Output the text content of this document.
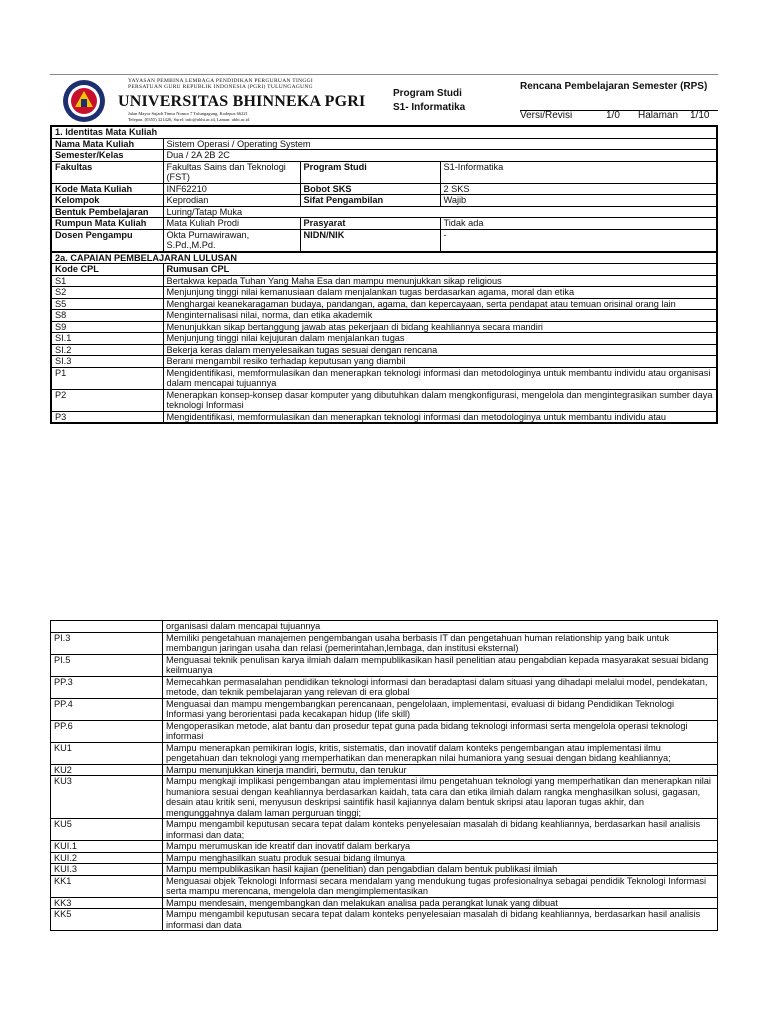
YAYASAN PEMBINA LEMBAGA PENDIDIKAN PERGURUAN TINGGI
PERSATUAN GURU REPUBLIK INDONESIA (PGRI) TULUNGAGUNG
UNIVERSITAS BHINNEKA PGRI
Jalan Mayor Sujadi Timur Nomor 7 Tulungagung, Kodepos 66221
Telepon. (0355) 321426, Surel: info@ubhi.ac.id, Laman: ubhi.ac.id
Program Studi
S1- Informatika
Rencana Pembelajaran Semester (RPS)
Versi/Revisi	1/0 Halaman 1/10
1. Identitas Mata Kuliah			
Nama Mata Kuliah	Sistem Operasi / Operating System		
Semester/Kelas	Dua / 2A 2B 2C		
Fakultas	Fakultas Sains dan Teknologi (FST)	Program Studi	S1-Informatika
Kode Mata Kuliah	INF62210	Bobot SKS	2 SKS
Kelompok	Keprodian	Sifat Pengambilan	Wajib
Bentuk Pembelajaran	Luring/Tatap Muka		
Rumpun Mata Kuliah	Mata Kuliah Prodi	Prasyarat	Tidak ada
Dosen Pengampu	Okta Purnawirawan, S.Pd.,M.Pd.	NIDN/NIK	-
2a. CAPAIAN PEMBELAJARAN LULUSAN			
Kode CPL	Rumusan CPL		
S1	Bertakwa kepada Tuhan Yang Maha Esa dan mampu menunjukkan sikap religious		
S2	Menjunjung tinggi nilai kemanusiaan dalam menjalankan tugas berdasarkan agama, moral dan etika		
S5	Menghargai keanekaragaman budaya, pandangan, agama, dan kepercayaan, serta pendapat atau temuan orisinal orang lain		
S8	Menginternalisasi nilai, norma, dan etika akademik		
S9	Menunjukkan sikap bertanggung jawab atas pekerjaan di bidang keahliannya secara mandiri		
SI.1	Menjunjung tinggi nilai kejujuran dalam menjalankan tugas		
SI.2	Bekerja keras dalam menyelesaikan tugas sesuai dengan rencana		
SI.3	Berani mengambil resiko terhadap keputusan yang diambil		
P1	Mengidentifikasi, memformulasikan dan menerapkan teknologi informasi dan metodologinya untuk membantu individu atau organisasi dalam mencapai tujuannya		
P2	Menerapkan konsep-konsep dasar komputer yang dibutuhkan dalam mengkonfigurasi, mengelola dan mengintegrasikan sumber daya teknologi Informasi		
P3	Mengidentifikasi, memformulasikan dan menerapkan teknologi informasi dan metodologinya untuk membantu individu atau		
	organisasi dalam mencapai tujuannya
PI.3	Memiliki pengetahuan manajemen pengembangan usaha berbasis IT dan pengetahuan human relationship yang baik untuk membangun jaringan usaha dan relasi (pemerintahan,lembaga, dan institusi eksternal)
PI.5	Menguasai teknik penulisan karya ilmiah dalam mempublikasikan hasil penelitian atau pengabdian kepada masyarakat sesuai bidang keilmuanya
PP.3	Memecahkan permasalahan pendidikan teknologi informasi dan beradaptasi dalam situasi yang dihadapi melalui model, pendekatan, metode, dan teknik pembelajaran yang relevan di era global
PP.4	Menguasai dan mampu mengembangkan perencanaan, pengelolaan, implementasi, evaluasi di bidang Pendidikan Teknologi Informasi yang berorientasi pada kecakapan hidup (life skill)
PP.6	Mengoperasikan metode, alat bantu dan prosedur tepat guna pada bidang teknologi informasi serta mengelola operasi teknologi informasi
KU1	Mampu menerapkan pemikiran logis, kritis, sistematis, dan inovatif dalam konteks pengembangan atau implementasi ilmu pengetahuan dan teknologi yang memperhatikan dan menerapkan nilai humaniora yang sesuai dengan bidang keahliannya;
KU2	Mampu menunjukkan kinerja mandiri, bermutu, dan terukur
KU3	Mampu mengkaji implikasi pengembangan atau implementasi ilmu pengetahuan teknologi yang memperhatikan dan menerapkan nilai humaniora sesuai dengan keahliannya berdasarkan kaidah, tata cara dan etika ilmiah dalam rangka menghasilkan solusi, gagasan, desain atau kritik seni, menyusun deskripsi saintifik hasil kajiannya dalam bentuk skripsi atau laporan tugas akhir, dan mengunggahnya dalam laman perguruan tinggi;
KU5	Mampu mengambil keputusan secara tepat dalam konteks penyelesaian masalah di bidang keahliannya, berdasarkan hasil analisis informasi dan data;
KUI.1	Mampu merumuskan ide kreatif dan inovatif dalam berkarya
KUI.2	Mampu menghasilkan suatu produk sesuai bidang ilmunya
KUI.3	Mampu mempublikasikan hasil kajian (penelitian) dan pengabdian dalam bentuk publikasi ilmiah
KK1	Menguasai objek Teknologi Informasi secara mendalam yang mendukung tugas profesionalnya sebagai pendidik Teknologi Informasi serta mampu merencana, mengelola dan mengimplementasikan
KK3	Mampu mendesain, mengembangkan dan melakukan analisa pada perangkat lunak yang dibuat
KK5	Mampu mengambil keputusan secara tepat dalam konteks penyelesaian masalah di bidang keahliannya, berdasarkan hasil analisis informasi dan data
